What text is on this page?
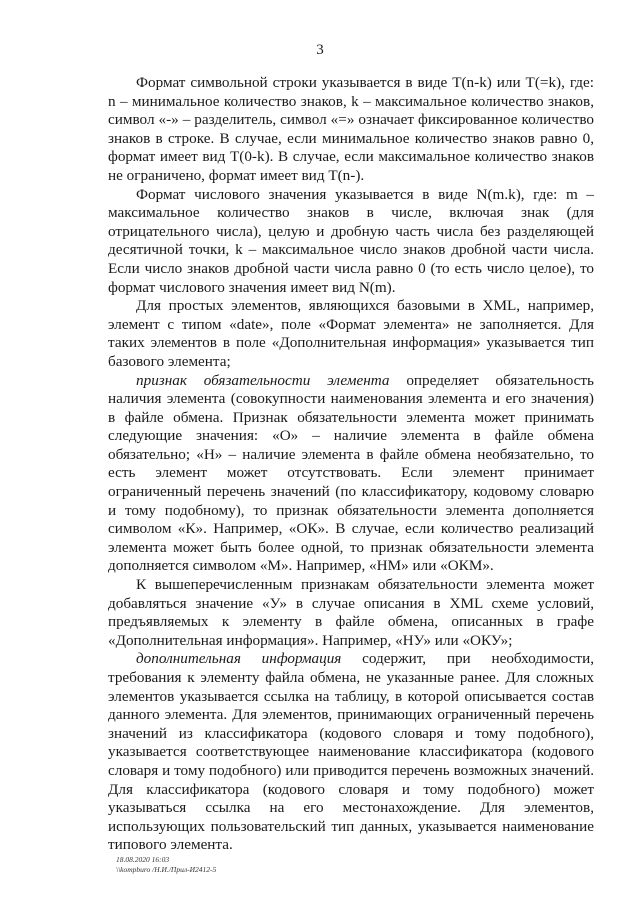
3

Формат символьной строки указывается в виде T(n-k) или T(=k), где: n – минимальное количество знаков, k – максимальное количество знаков, символ «-» – разделитель, символ «=» означает фиксированное количество знаков в строке. В случае, если минимальное количество знаков равно 0, формат имеет вид T(0-k). В случае, если максимальное количество знаков не ограничено, формат имеет вид T(n-).

Формат числового значения указывается в виде N(m.k), где: m – максимальное количество знаков в числе, включая знак (для отрицательного числа), целую и дробную часть числа без разделяющей десятичной точки, k – максимальное число знаков дробной части числа. Если число знаков дробной части числа равно 0 (то есть число целое), то формат числового значения имеет вид N(m).

Для простых элементов, являющихся базовыми в XML, например, элемент с типом «date», поле «Формат элемента» не заполняется. Для таких элементов в поле «Дополнительная информация» указывается тип базового элемента;

признак обязательности элемента определяет обязательность наличия элемента (совокупности наименования элемента и его значения) в файле обмена. Признак обязательности элемента может принимать следующие значения: «О» – наличие элемента в файле обмена обязательно; «Н» – наличие элемента в файле обмена необязательно, то есть элемент может отсутствовать. Если элемент принимает ограниченный перечень значений (по классификатору, кодовому словарю и тому подобному), то признак обязательности элемента дополняется символом «К». Например, «ОК». В случае, если количество реализаций элемента может быть более одной, то признак обязательности элемента дополняется символом «М». Например, «НМ» или «ОКМ».

К вышеперечисленным признакам обязательности элемента может добавляться значение «У» в случае описания в XML схеме условий, предъявляемых к элементу в файле обмена, описанных в графе «Дополнительная информация». Например, «НУ» или «ОКУ»;

дополнительная информация содержит, при необходимости, требования к элементу файла обмена, не указанные ранее. Для сложных элементов указывается ссылка на таблицу, в которой описывается состав данного элемента. Для элементов, принимающих ограниченный перечень значений из классификатора (кодового словаря и тому подобного), указывается соответствующее наименование классификатора (кодового словаря и тому подобного) или приводится перечень возможных значений. Для классификатора (кодового словаря и тому подобного) может указываться ссылка на его местонахождение. Для элементов, использующих пользовательский тип данных, указывается наименование типового элемента.

18.08.2020 16:03
\\kompburo /Н.И./Прил-И2412-5
